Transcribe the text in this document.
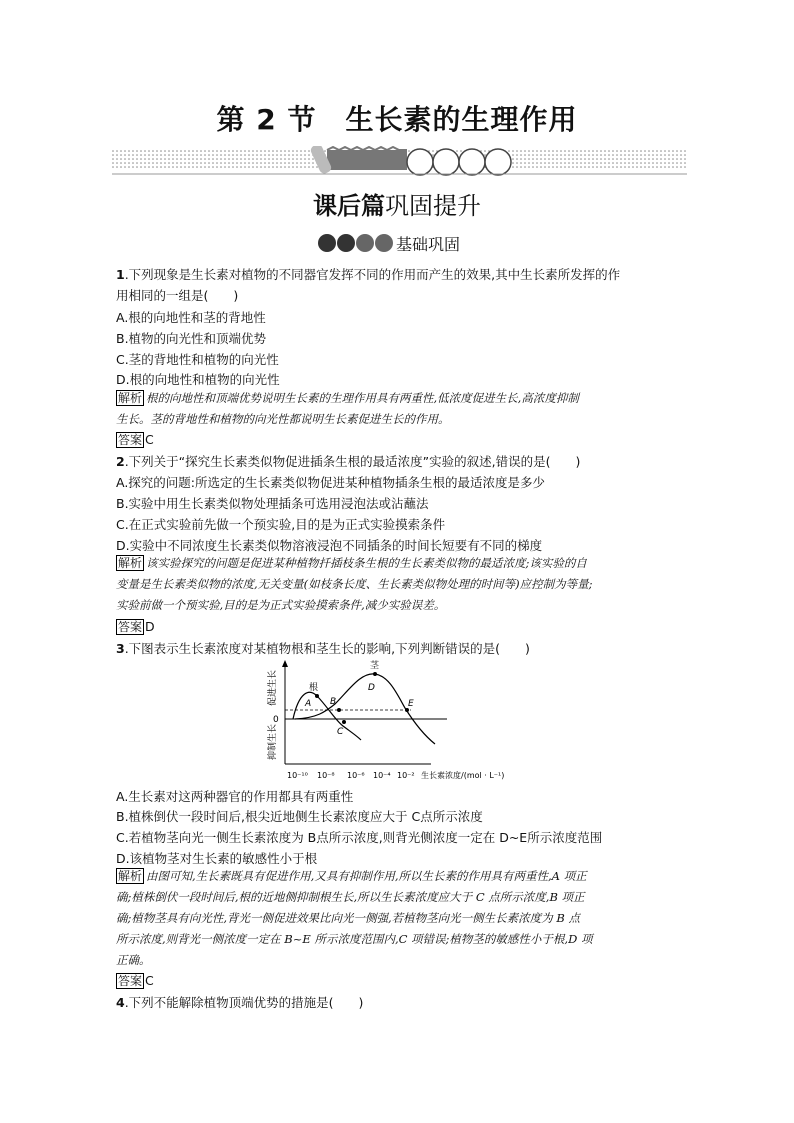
第 2 节　生长素的生理作用
课后篇巩固提升
基础巩固
1.下列现象是生长素对植物的不同器官发挥不同的作用而产生的效果,其中生长素所发挥的作
用相同的一组是(　　)
A.根的向地性和茎的背地性
B.植物的向光性和顶端优势
C.茎的背地性和植物的向光性
D.根的向地性和植物的向光性
解析 根的向地性和顶端优势说明生长素的生理作用具有两重性,低浓度促进生长,高浓度抑制
生长。茎的背地性和植物的向光性都说明生长素促进生长的作用。
答案 C
2.下列关于“探究生长素类似物促进插条生根的最适浓度”实验的叙述,错误的是(　　)
A.探究的问题:所选定的生长素类似物促进某种植物插条生根的最适浓度是多少
B.实验中用生长素类似物处理插条可选用浸泡法或沾蘸法
C.在正式实验前先做一个预实验,目的是为正式实验摸索条件
D.实验中不同浓度生长素类似物溶液浸泡不同插条的时间长短要有不同的梯度
解析 该实验探究的问题是促进某种植物扦插枝条生根的生长素类似物的最适浓度;该实验的自
变量是生长素类似物的浓度,无关变量(如枝条长度、生长素类似物处理的时间等)应控制为等量;
实验前做一个预实验,目的是为正式实验摸索条件,减少实验误差。
答案 D
3.下图表示生长素浓度对某植物根和茎生长的影响,下列判断错误的是(　　)
促进生长
抑制生长
0
根
茎
A B
C
D
E
10⁻¹⁰ 10⁻⁸ 10⁻⁶ 10⁻⁴ 10⁻² 生长素浓度/(mol · L⁻¹)
A.生长素对这两种器官的作用都具有两重性
B.植株倒伏一段时间后,根尖近地侧生长素浓度应大于 C点所示浓度
C.若植物茎向光一侧生长素浓度为 B点所示浓度,则背光侧浓度一定在 D~E所示浓度范围
D.该植物茎对生长素的敏感性小于根
解析 由图可知,生长素既具有促进作用,又具有抑制作用,所以生长素的作用具有两重性,A 项正
确;植株倒伏一段时间后,根的近地侧抑制根生长,所以生长素浓度应大于 C 点所示浓度,B 项正
确;植物茎具有向光性,背光一侧促进效果比向光一侧强,若植物茎向光一侧生长素浓度为 B 点
所示浓度,则背光一侧浓度一定在 B~E 所示浓度范围内,C 项错误;植物茎的敏感性小于根,D 项
正确。
答案 C
4.下列不能解除植物顶端优势的措施是(　　)
